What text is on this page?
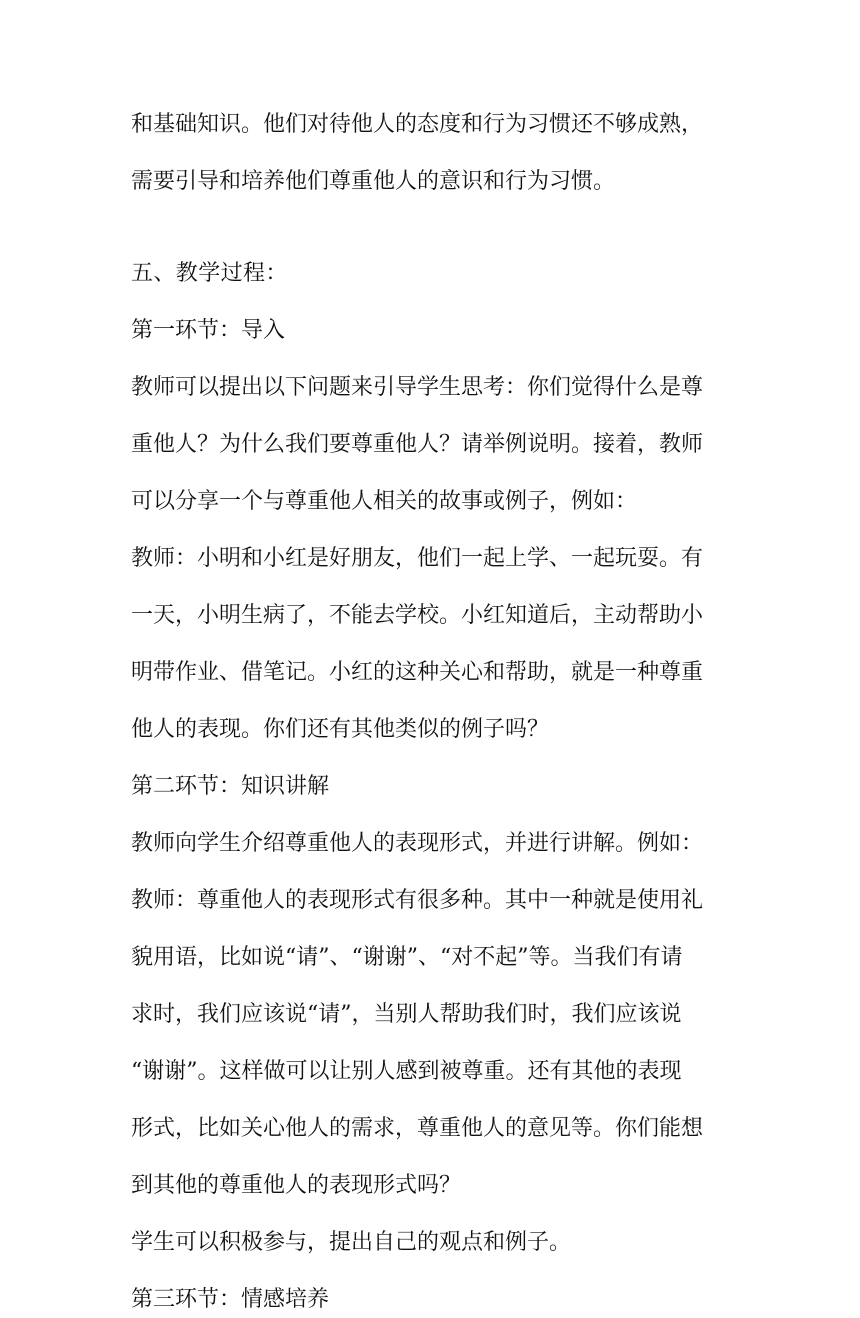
和基础知识。他们对待他人的态度和行为习惯还不够成熟，
需要引导和培养他们尊重他人的意识和行为习惯。
五、教学过程：
第一环节：导入
教师可以提出以下问题来引导学生思考：你们觉得什么是尊
重他人？为什么我们要尊重他人？请举例说明。接着，教师
可以分享一个与尊重他人相关的故事或例子，例如：
教师：小明和小红是好朋友，他们一起上学、一起玩耍。有
一天，小明生病了，不能去学校。小红知道后，主动帮助小
明带作业、借笔记。小红的这种关心和帮助，就是一种尊重
他人的表现。你们还有其他类似的例子吗？
第二环节：知识讲解
教师向学生介绍尊重他人的表现形式，并进行讲解。例如：
教师：尊重他人的表现形式有很多种。其中一种就是使用礼
貌用语，比如说“请”、“谢谢”、“对不起”等。当我们有请
求时，我们应该说“请”，当别人帮助我们时，我们应该说
“谢谢”。这样做可以让别人感到被尊重。还有其他的表现
形式，比如关心他人的需求，尊重他人的意见等。你们能想
到其他的尊重他人的表现形式吗？
学生可以积极参与，提出自己的观点和例子。
第三环节：情感培养
